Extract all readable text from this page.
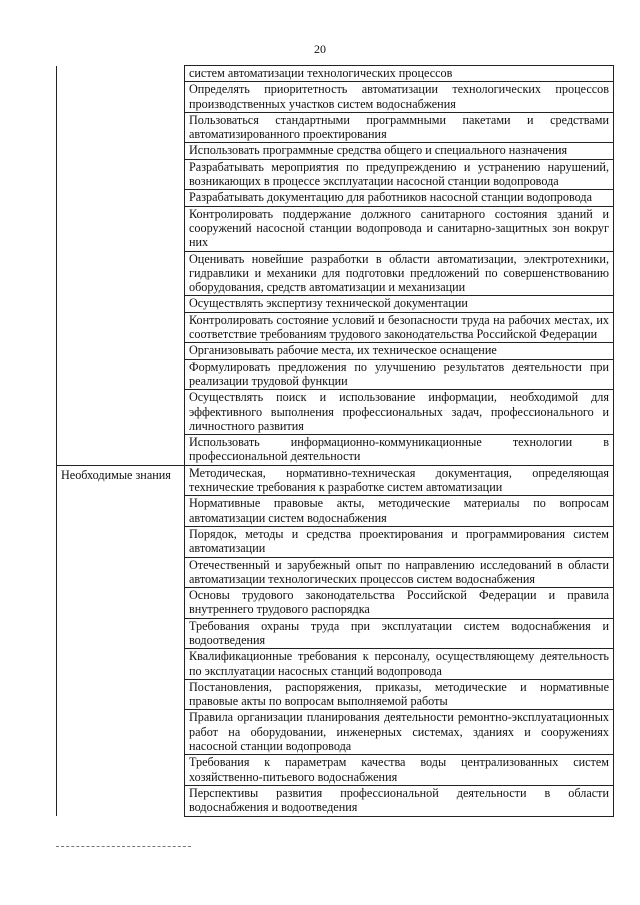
20
	систем автоматизации технологических процессов
	Определять приоритетность автоматизации технологических процессов производственных участков систем водоснабжения
	Пользоваться стандартными программными пакетами и средствами автоматизированного проектирования
	Использовать программные средства общего и специального назначения
	Разрабатывать мероприятия по предупреждению и устранению нарушений, возникающих в процессе эксплуатации насосной станции водопровода
	Разрабатывать документацию для работников насосной станции водопровода
	Контролировать поддержание должного санитарного состояния зданий и сооружений насосной станции водопровода и санитарно-защитных зон вокруг них
	Оценивать новейшие разработки в области автоматизации, электротехники, гидравлики и механики для подготовки предложений по совершенствованию оборудования, средств автоматизации и механизации
	Осуществлять экспертизу технической документации
	Контролировать состояние условий и безопасности труда на рабочих местах, их соответствие требованиям трудового законодательства Российской Федерации
	Организовывать рабочие места, их техническое оснащение
	Формулировать предложения по улучшению результатов деятельности при реализации трудовой функции
	Осуществлять поиск и использование информации, необходимой для эффективного выполнения профессиональных задач, профессионального и личностного развития
	Использовать информационно-коммуникационные технологии в профессиональной деятельности
Необходимые знания	Методическая, нормативно-техническая документация, определяющая технические требования к разработке систем автоматизации
	Нормативные правовые акты, методические материалы по вопросам автоматизации систем водоснабжения
	Порядок, методы и средства проектирования и программирования систем автоматизации
	Отечественный и зарубежный опыт по направлению исследований в области автоматизации технологических процессов систем водоснабжения
	Основы трудового законодательства Российской Федерации и правила внутреннего трудового распорядка
	Требования охраны труда при эксплуатации систем водоснабжения и водоотведения
	Квалификационные требования к персоналу, осуществляющему деятельность по эксплуатации насосных станций водопровода
	Постановления, распоряжения, приказы, методические и нормативные правовые акты по вопросам выполняемой работы
	Правила организации планирования деятельности ремонтно-эксплуатационных работ на оборудовании, инженерных системах, зданиях и сооружениях насосной станции водопровода
	Требования к параметрам качества воды централизованных систем хозяйственно-питьевого водоснабжения
	Перспективы развития профессиональной деятельности в области водоснабжения и водоотведения
